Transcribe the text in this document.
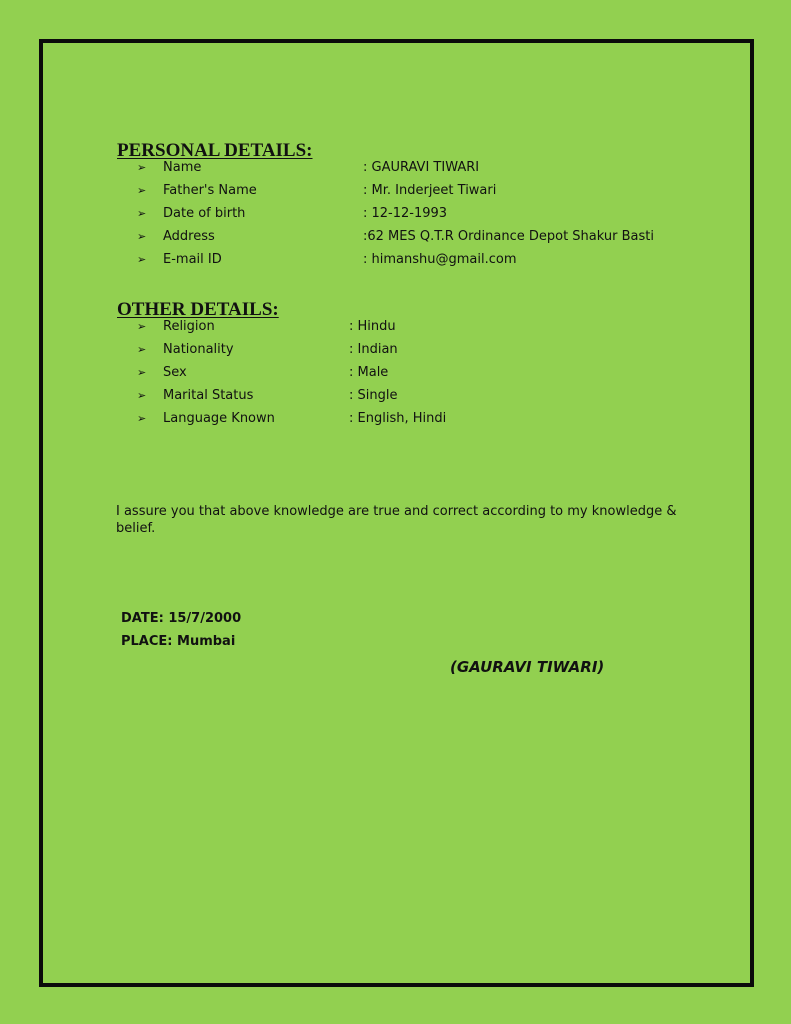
PERSONAL DETAILS:
➢ Name	: GAURAVI TIWARI
➢ Father's Name	: Mr. Inderjeet Tiwari
➢ Date of birth	: 12-12-1993
➢ Address	:62 MES Q.T.R Ordinance Depot Shakur Basti
➢ E-mail ID	: himanshu@gmail.com
OTHER DETAILS:
➢ Religion	: Hindu
➢ Nationality	: Indian
➢ Sex	: Male
➢ Marital Status	: Single
➢ Language Known	: English, Hindi

I assure you that above knowledge are true and correct according to my knowledge & belief.

DATE: 15/7/2000
PLACE: Mumbai
(GAURAVI TIWARI)
